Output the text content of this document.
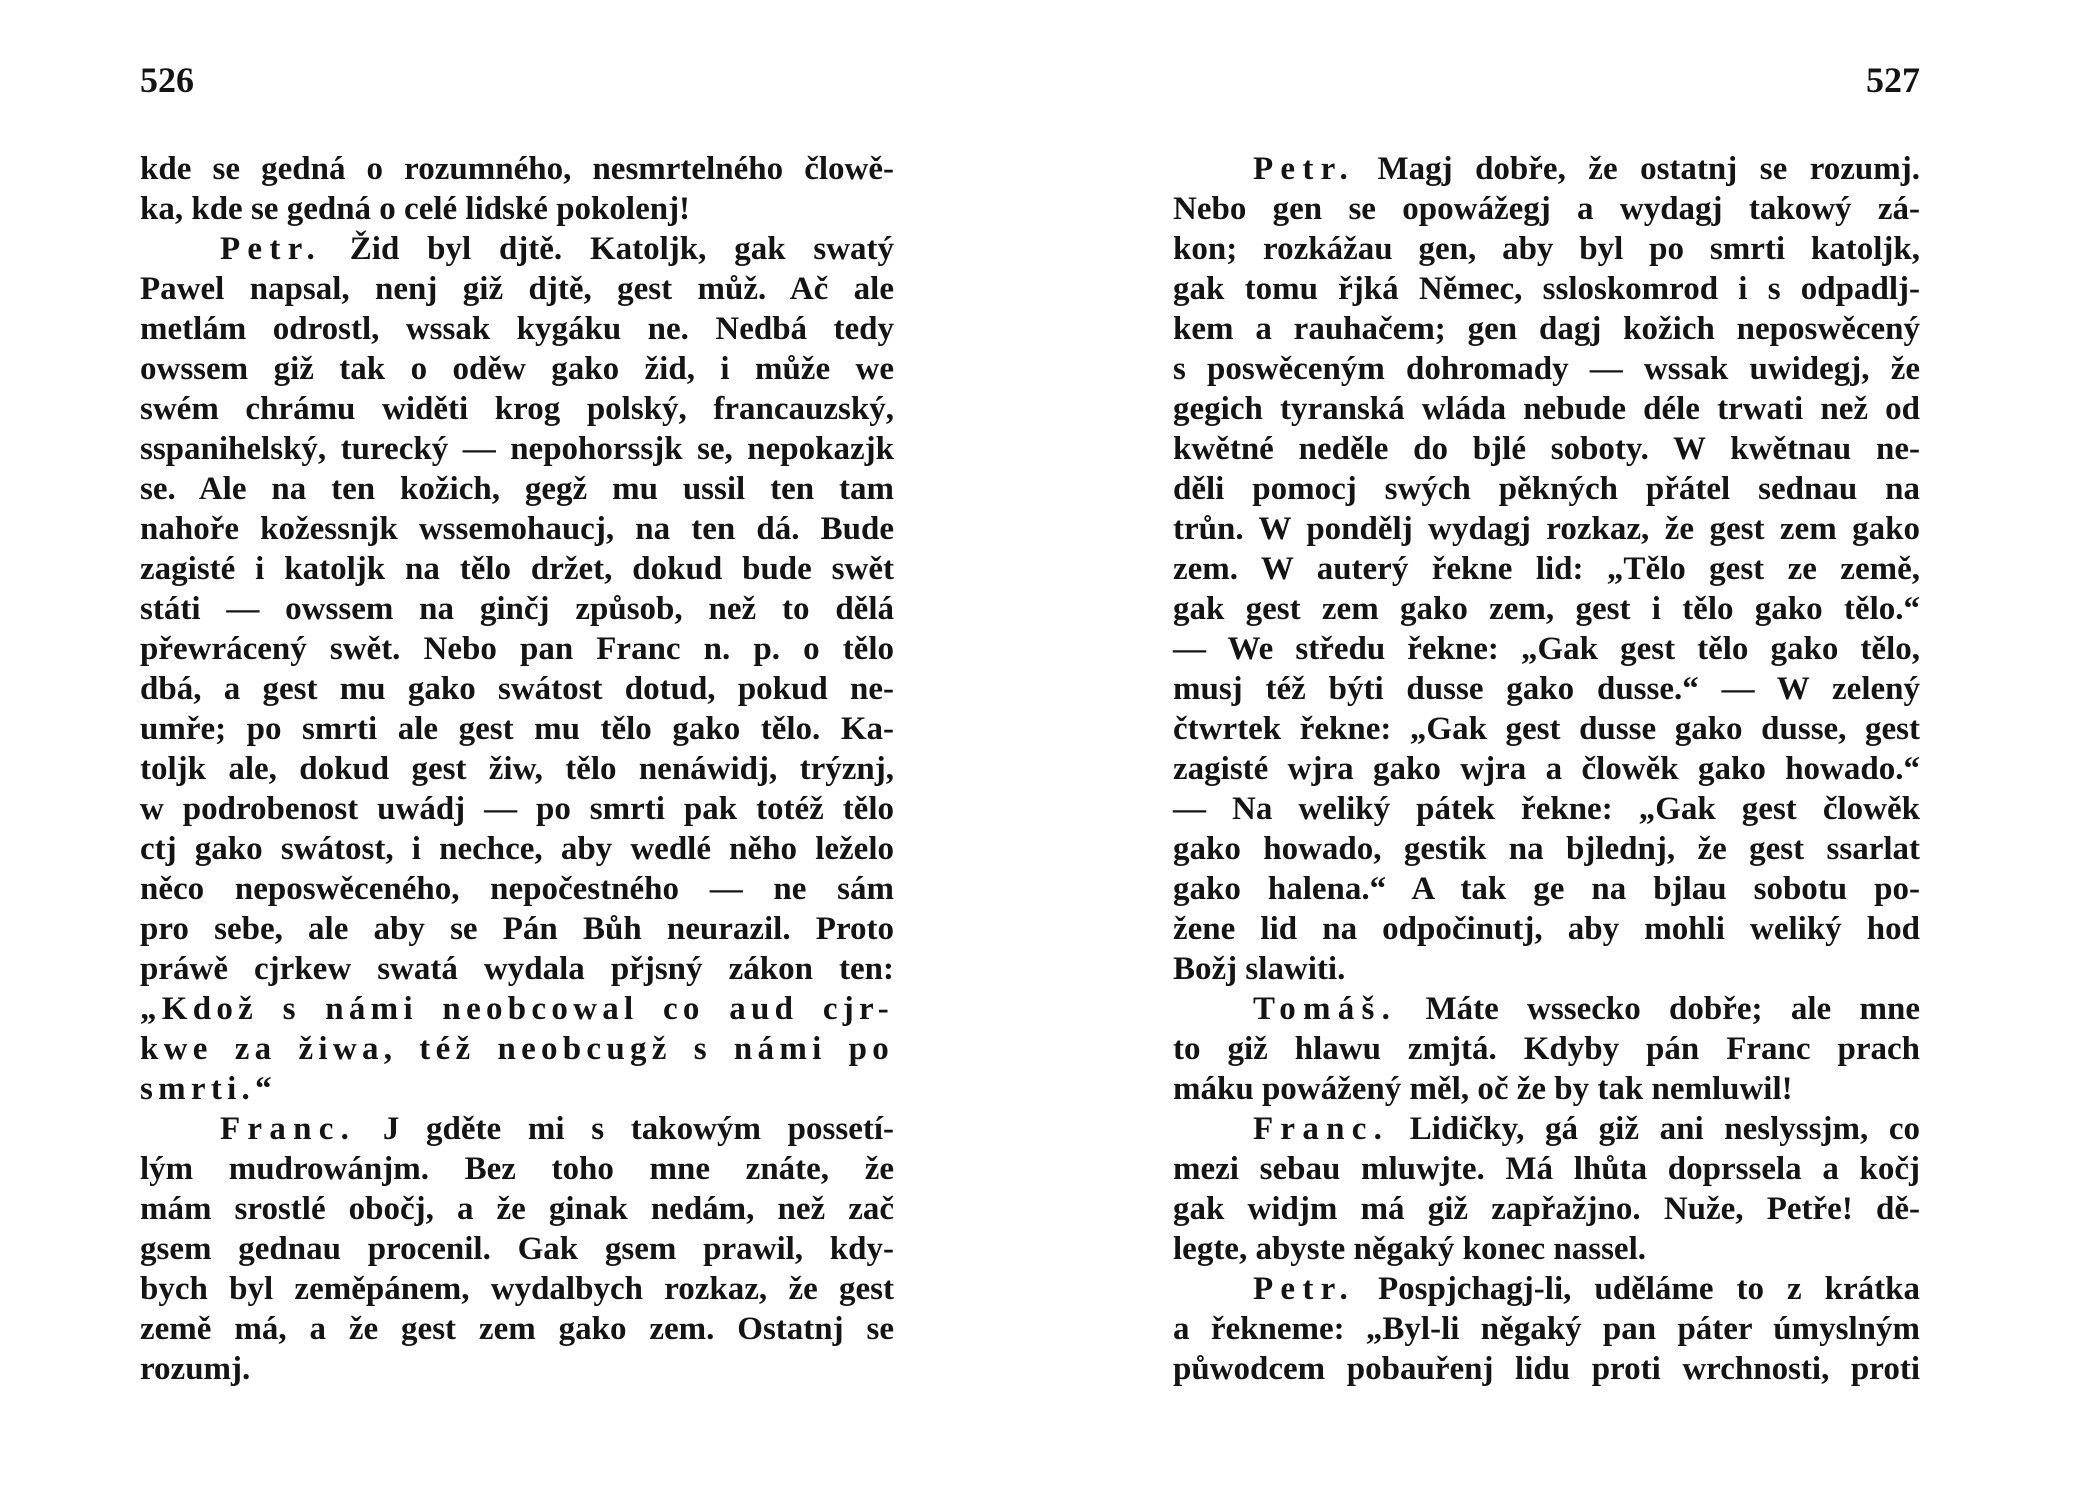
526
kde se gedná o rozumného, nesmrtelného člowě-
ka, kde se gedná o celé lidské pokolenj!
Petr. Žid byl djtě. Katoljk, gak swatý
Pawel napsal, nenj giž djtě, gest můž. Ač ale
metlám odrostl, wssak kygáku ne. Nedbá tedy
owssem giž tak o oděw gako žid, i může we
swém chrámu widěti krog polský, francauzský,
sspanihelský, turecký — nepohorssjk se, nepokazjk
se. Ale na ten kožich, gegž mu ussil ten tam
nahoře kožessnjk wssemohaucj, na ten dá. Bude
zagisté i katoljk na tělo držet, dokud bude swět
státi — owssem na ginčj způsob, než to dělá
přewrácený swět. Nebo pan Franc n. p. o tělo
dbá, a gest mu gako swátost dotud, pokud ne-
umře; po smrti ale gest mu tělo gako tělo. Ka-
toljk ale, dokud gest žiw, tělo nenáwidj, trýznj,
w podrobenost uwádj — po smrti pak totéž tělo
ctj gako swátost, i nechce, aby wedlé něho leželo
něco neposwěceného, nepočestného — ne sám
pro sebe, ale aby se Pán Bůh neurazil. Proto
práwě cjrkew swatá wydala přjsný zákon ten:
„Kdož s námi neobcowal co aud cjr-
kwe za žiwa, též neobcugž s námi po
smrti.“
Franc. J gděte mi s takowým possetí-
lým mudrowánjm. Bez toho mne znáte, že
mám srostlé obočj, a že ginak nedám, než zač
gsem gednau procenil. Gak gsem prawil, kdy-
bych byl zeměpánem, wydalbych rozkaz, že gest
země má, a že gest zem gako zem. Ostatnj se
rozumj.
527
Petr. Magj dobře, že ostatnj se rozumj.
Nebo gen se opowážegj a wydagj takowý zá-
kon; rozkážau gen, aby byl po smrti katoljk,
gak tomu řjká Němec, ssloskomrod i s odpadlj-
kem a rauhačem; gen dagj kožich neposwěcený
s poswěceným dohromady — wssak uwidegj, že
gegich tyranská wláda nebude déle trwati než od
kwětné neděle do bjlé soboty. W kwětnau ne-
děli pomocj swých pěkných přátel sednau na
trůn. W pondělj wydagj rozkaz, že gest zem gako
zem. W auterý řekne lid: „Tělo gest ze země,
gak gest zem gako zem, gest i tělo gako tělo.“
— We středu řekne: „Gak gest tělo gako tělo,
musj též býti dusse gako dusse.“ — W zelený
čtwrtek řekne: „Gak gest dusse gako dusse, gest
zagisté wjra gako wjra a člowěk gako howado.“
— Na weliký pátek řekne: „Gak gest člowěk
gako howado, gestik na bjlednj, že gest ssarlat
gako halena.“ A tak ge na bjlau sobotu po-
žene lid na odpočinutj, aby mohli weliký hod
Božj slawiti.
Tomáš. Máte wssecko dobře; ale mne
to giž hlawu zmjtá. Kdyby pán Franc prach
máku powážený měl, oč že by tak nemluwil!
Franc. Lidičky, gá giž ani neslyssjm, co
mezi sebau mluwjte. Má lhůta doprssela a kočj
gak widjm má giž zapřažjno. Nuže, Petře! dě-
legte, abyste něgaký konec nassel.
Petr. Pospjchagj-li, uděláme to z krátka
a řekneme: „Byl-li něgaký pan páter úmyslným
půwodcem pobauřenj lidu proti wrchnosti, proti
